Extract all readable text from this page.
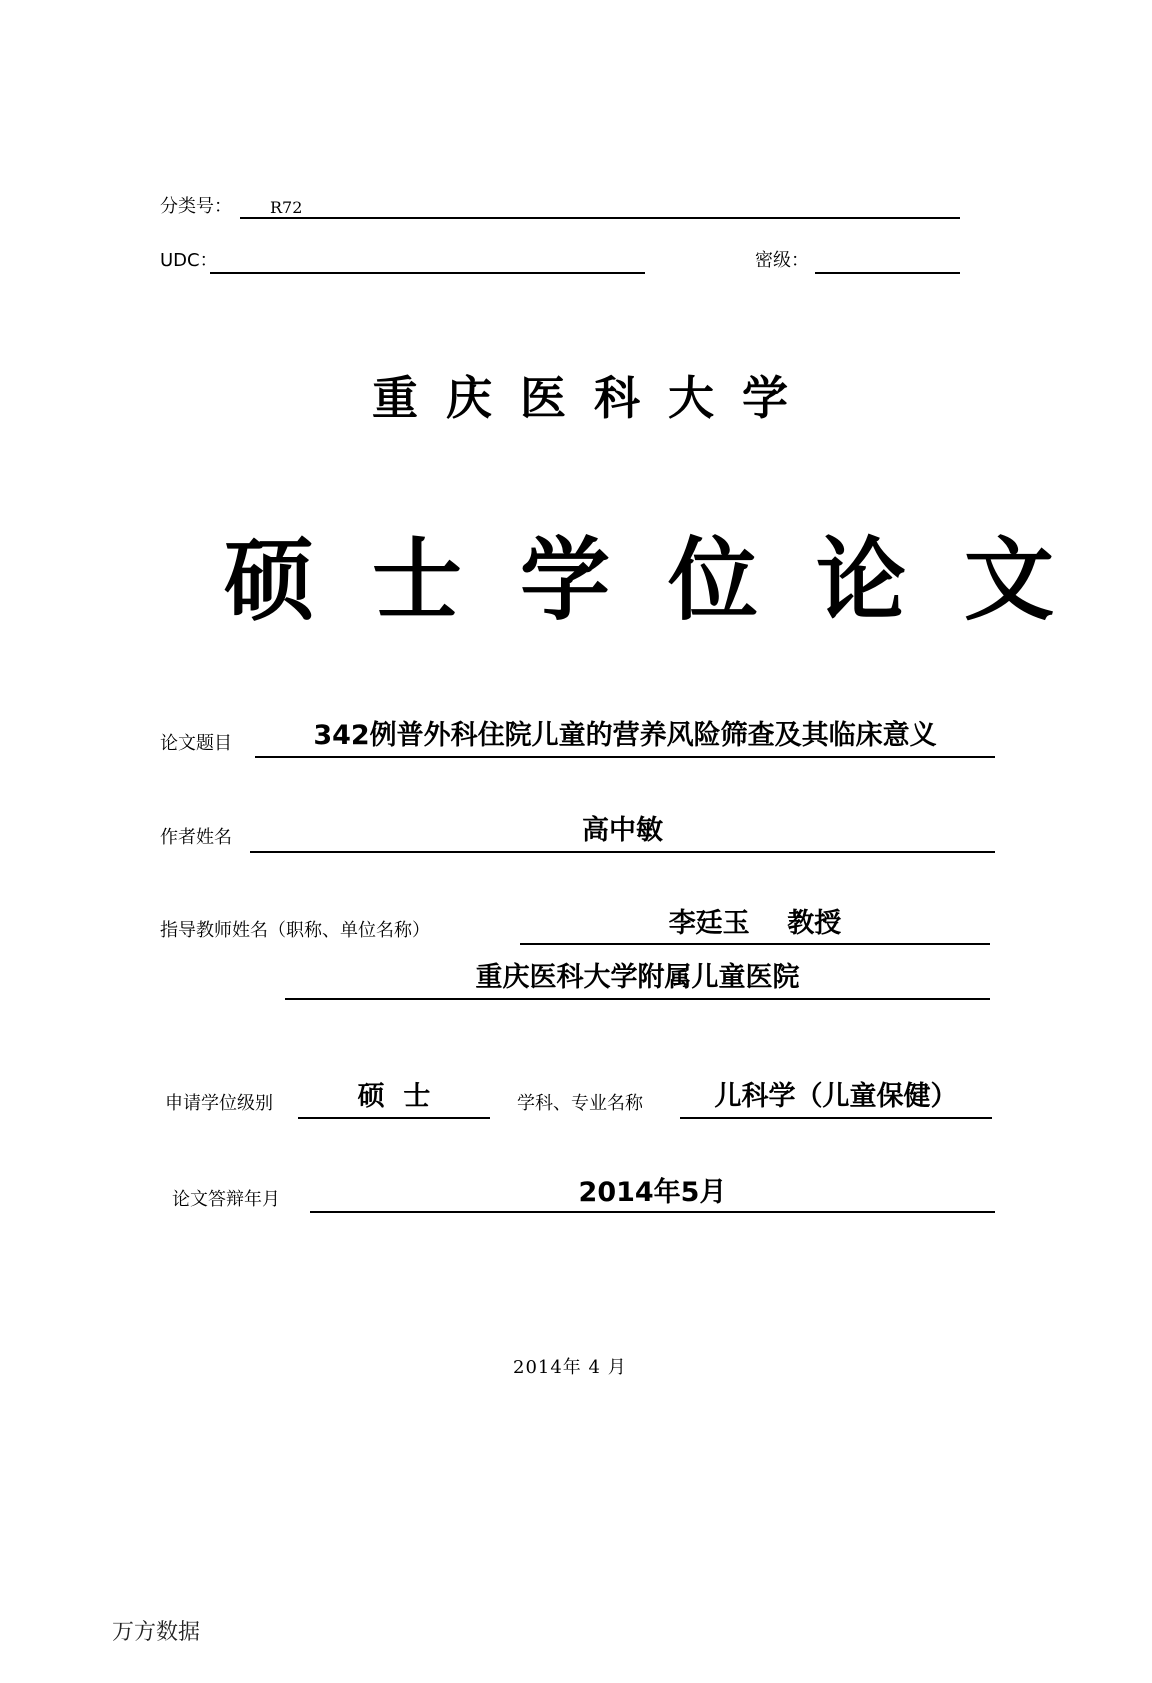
分类号： R72
UDC：	密级：
重庆医科大学
硕士学位论文
论文题目	342例普外科住院儿童的营养风险筛查及其临床意义
作者姓名	高中敏
指导教师姓名（职称、单位名称）	李廷玉    教授
重庆医科大学附属儿童医院
申请学位级别	硕  士	学科、专业名称	儿科学（儿童保健）
论文答辩年月	2014年5月
2014年 4 月
万方数据
